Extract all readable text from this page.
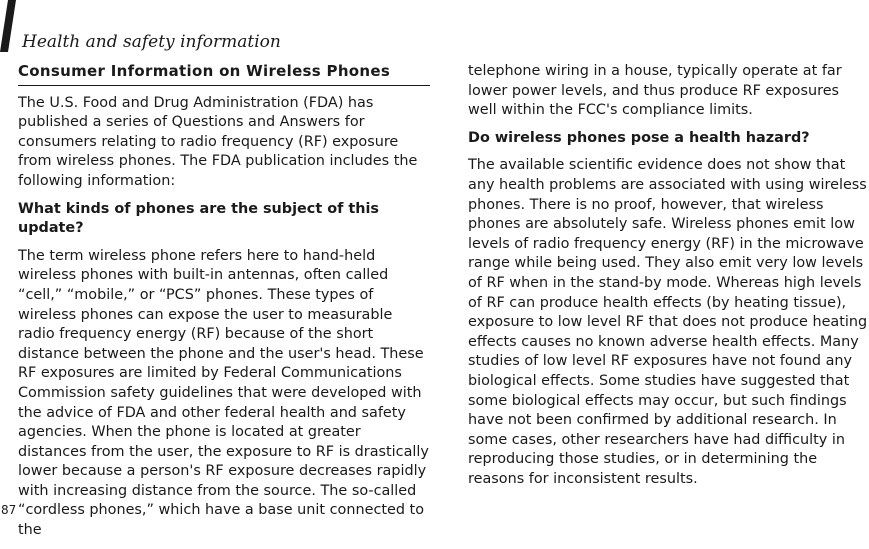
Health and safety information
Consumer Information on Wireless Phones

The U.S. Food and Drug Administration (FDA) has published a series of Questions and Answers for consumers relating to radio frequency (RF) exposure from wireless phones. The FDA publication includes the following information:

What kinds of phones are the subject of this update?

The term wireless phone refers here to hand-held wireless phones with built-in antennas, often called “cell,” “mobile,” or “PCS” phones. These types of wireless phones can expose the user to measurable radio frequency energy (RF) because of the short distance between the phone and the user's head. These RF exposures are limited by Federal Communications Commission safety guidelines that were developed with the advice of FDA and other federal health and safety agencies. When the phone is located at greater distances from the user, the exposure to RF is drastically lower because a person's RF exposure decreases rapidly with increasing distance from the source. The so-called “cordless phones,” which have a base unit connected to the

telephone wiring in a house, typically operate at far lower power levels, and thus produce RF exposures well within the FCC's compliance limits.

Do wireless phones pose a health hazard?

The available scientific evidence does not show that any health problems are associated with using wireless phones. There is no proof, however, that wireless phones are absolutely safe. Wireless phones emit low levels of radio frequency energy (RF) in the microwave range while being used. They also emit very low levels of RF when in the stand-by mode. Whereas high levels of RF can produce health effects (by heating tissue), exposure to low level RF that does not produce heating effects causes no known adverse health effects. Many studies of low level RF exposures have not found any biological effects. Some studies have suggested that some biological effects may occur, but such findings have not been confirmed by additional research. In some cases, other researchers have had difficulty in reproducing those studies, or in determining the reasons for inconsistent results.

87
